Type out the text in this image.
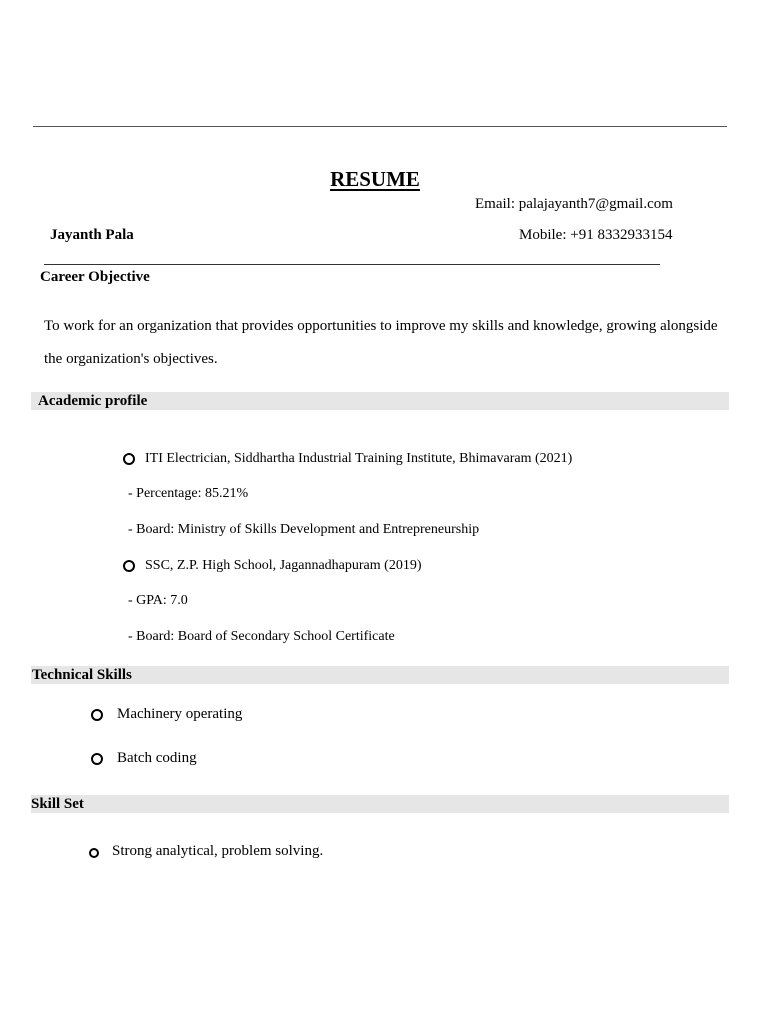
RESUME
Email: palajayanth7@gmail.com
Jayanth Pala	Mobile: +91 8332933154
Career Objective
To work for an organization that provides opportunities to improve my skills and knowledge, growing alongside the organization's objectives.
Academic profile
ITI Electrician, Siddhartha Industrial Training Institute, Bhimavaram (2021)
- Percentage: 85.21%
- Board: Ministry of Skills Development and Entrepreneurship
SSC, Z.P. High School, Jagannadhapuram (2019)
- GPA: 7.0
- Board: Board of Secondary School Certificate
Technical Skills
Machinery operating
Batch coding
Skill Set
Strong analytical, problem solving.
